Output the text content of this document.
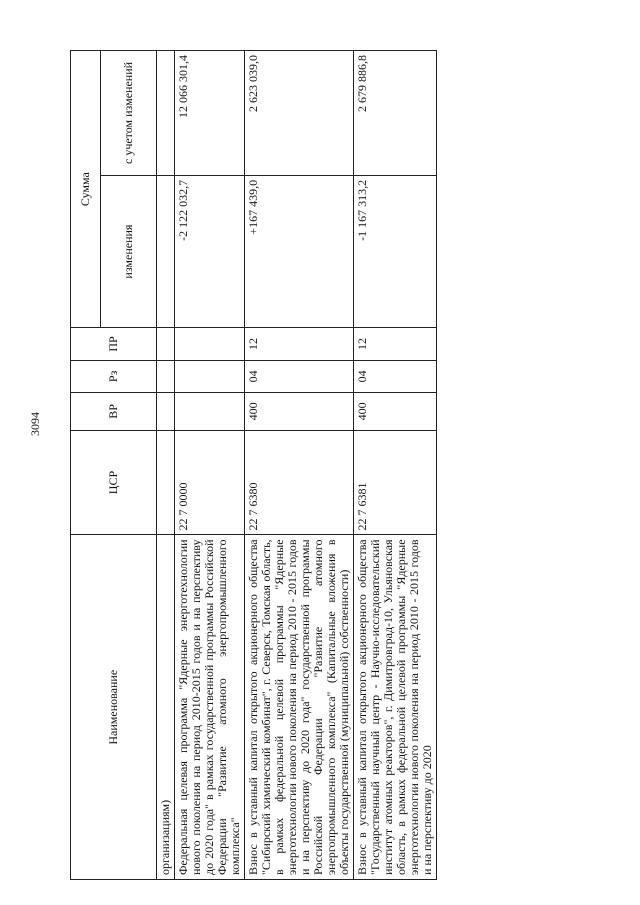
3094
Наименование	ЦСР	ВР	Рз	ПР	Сумма	
					изменения	с учетом изменений
организациям)						
Федеральная целевая программа "Ядерные энерготехнологии нового поколения на период 2010-2015 годов и на перспективу до 2020 года" в рамках государственной программы Российской Федерации "Развитие атомного энергопромышленного комплекса"	22 7 0000				-2 122 032,7	12 066 301,4
Взнос в уставный капитал открытого акционерного общества "Сибирский химический комбинат", г. Северск, Томская область, в рамках федеральной целевой программы "Ядерные энерготехнологии нового поколения на период 2010 - 2015 годов и на перспективу до 2020 года" государственной программы Российской Федерации "Развитие атомного энергопромышленного комплекса" (Капитальные вложения в объекты государственной (муниципальной) собственности)	22 7 6380	400	04	12	+167 439,0	2 623 039,0
Взнос в уставный капитал открытого акционерного общества "Государственный научный центр - Научно-исследовательский институт атомных реакторов", г. Димитровград-10, Ульяновская область, в рамках федеральной целевой программы "Ядерные энерготехнологии нового поколения на период 2010 - 2015 годов и на перспективу до 2020	22 7 6381	400	04	12	-1 167 313,2	2 679 886,8
